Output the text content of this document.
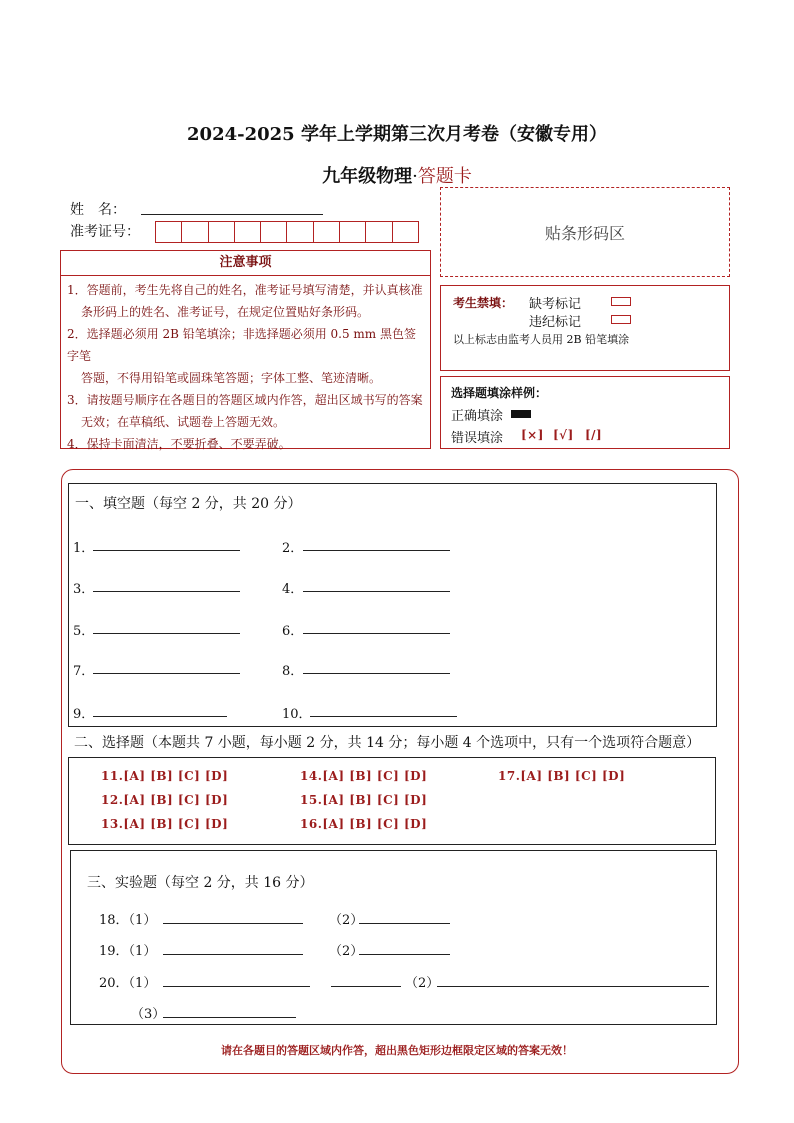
2024-2025 学年上学期第三次月考卷（安徽专用）
九年级物理·答题卡
姓　名：
准考证号：	贴条形码区
注意事项
1．答题前，考生先将自己的姓名，准考证号填写清楚，并认真核准
条形码上的姓名、准考证号，在规定位置贴好条形码。
2．选择题必须用 2B 铅笔填涂；非选择题必须用 0.5 mm 黑色签字笔
答题，不得用铅笔或圆珠笔答题；字体工整、笔迹清晰。
3．请按题号顺序在各题目的答题区域内作答，超出区域书写的答案
无效；在草稿纸、试题卷上答题无效。
4．保持卡面清洁，不要折叠、不要弄破。
考生禁填： 缺考标记
违纪标记
以上标志由监考人员用 2B 铅笔填涂
选择题填涂样例：
正确填涂
错误填涂 [×] [√] [/]
一、填空题（每空 2 分，共 20 分）
1．	2．
3．	4．
5．	6．
7．	8．
9．	10．
二、选择题（本题共 7 小题，每小题 2 分，共 14 分；每小题 4 个选项中，只有一个选项符合题意）
11.[A] [B] [C] [D]	14.[A] [B] [C] [D]	17.[A] [B] [C] [D]
12.[A] [B] [C] [D]	15.[A] [B] [C] [D]
13.[A] [B] [C] [D]	16.[A] [B] [C] [D]
三、实验题（每空 2 分，共 16 分）
18．（1）	（2）
19．（1）	（2）
20．（1）	（2）
（3）
请在各题目的答题区域内作答，超出黑色矩形边框限定区域的答案无效！
